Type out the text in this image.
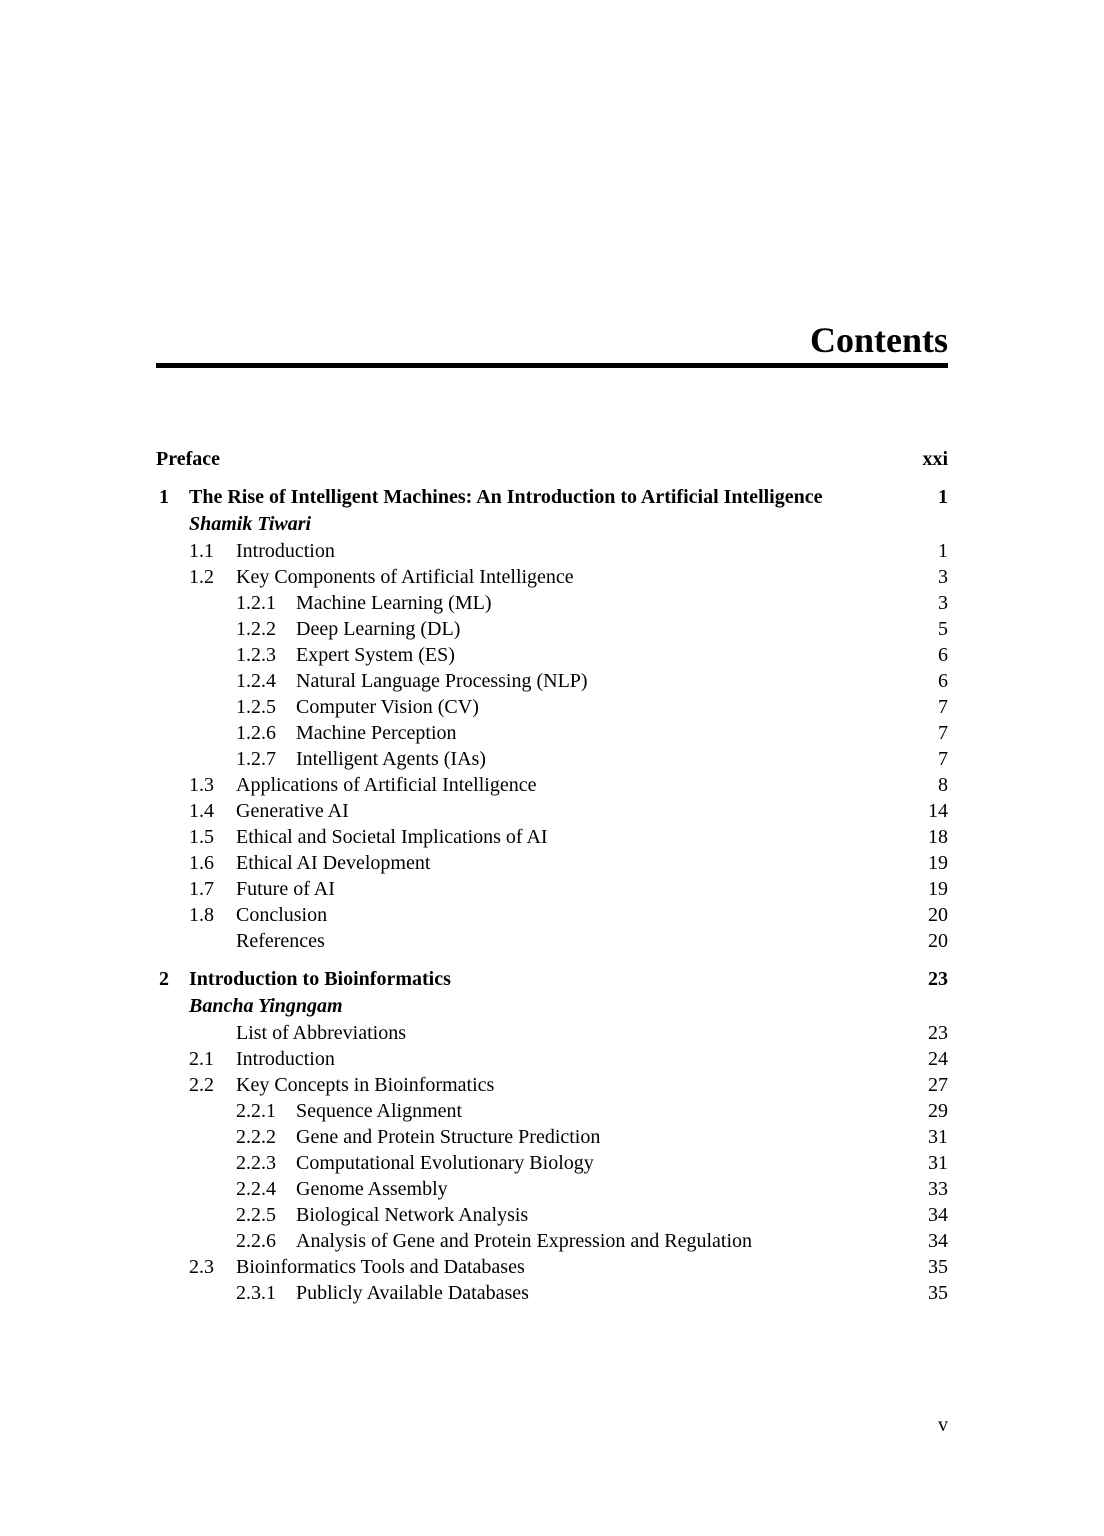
Contents
Preface	xxi
1 The Rise of Intelligent Machines: An Introduction to Artificial Intelligence	1
Shamik Tiwari
1.1 Introduction	1
1.2 Key Components of Artificial Intelligence	3
1.2.1 Machine Learning (ML)	3
1.2.2 Deep Learning (DL)	5
1.2.3 Expert System (ES)	6
1.2.4 Natural Language Processing (NLP)	6
1.2.5 Computer Vision (CV)	7
1.2.6 Machine Perception	7
1.2.7 Intelligent Agents (IAs)	7
1.3 Applications of Artificial Intelligence	8
1.4 Generative AI	14
1.5 Ethical and Societal Implications of AI	18
1.6 Ethical AI Development	19
1.7 Future of AI	19
1.8 Conclusion	20
References	20
2 Introduction to Bioinformatics	23
Bancha Yingngam
List of Abbreviations	23
2.1 Introduction	24
2.2 Key Concepts in Bioinformatics	27
2.2.1 Sequence Alignment	29
2.2.2 Gene and Protein Structure Prediction	31
2.2.3 Computational Evolutionary Biology	31
2.2.4 Genome Assembly	33
2.2.5 Biological Network Analysis	34
2.2.6 Analysis of Gene and Protein Expression and Regulation	34
2.3 Bioinformatics Tools and Databases	35
2.3.1 Publicly Available Databases	35
v
